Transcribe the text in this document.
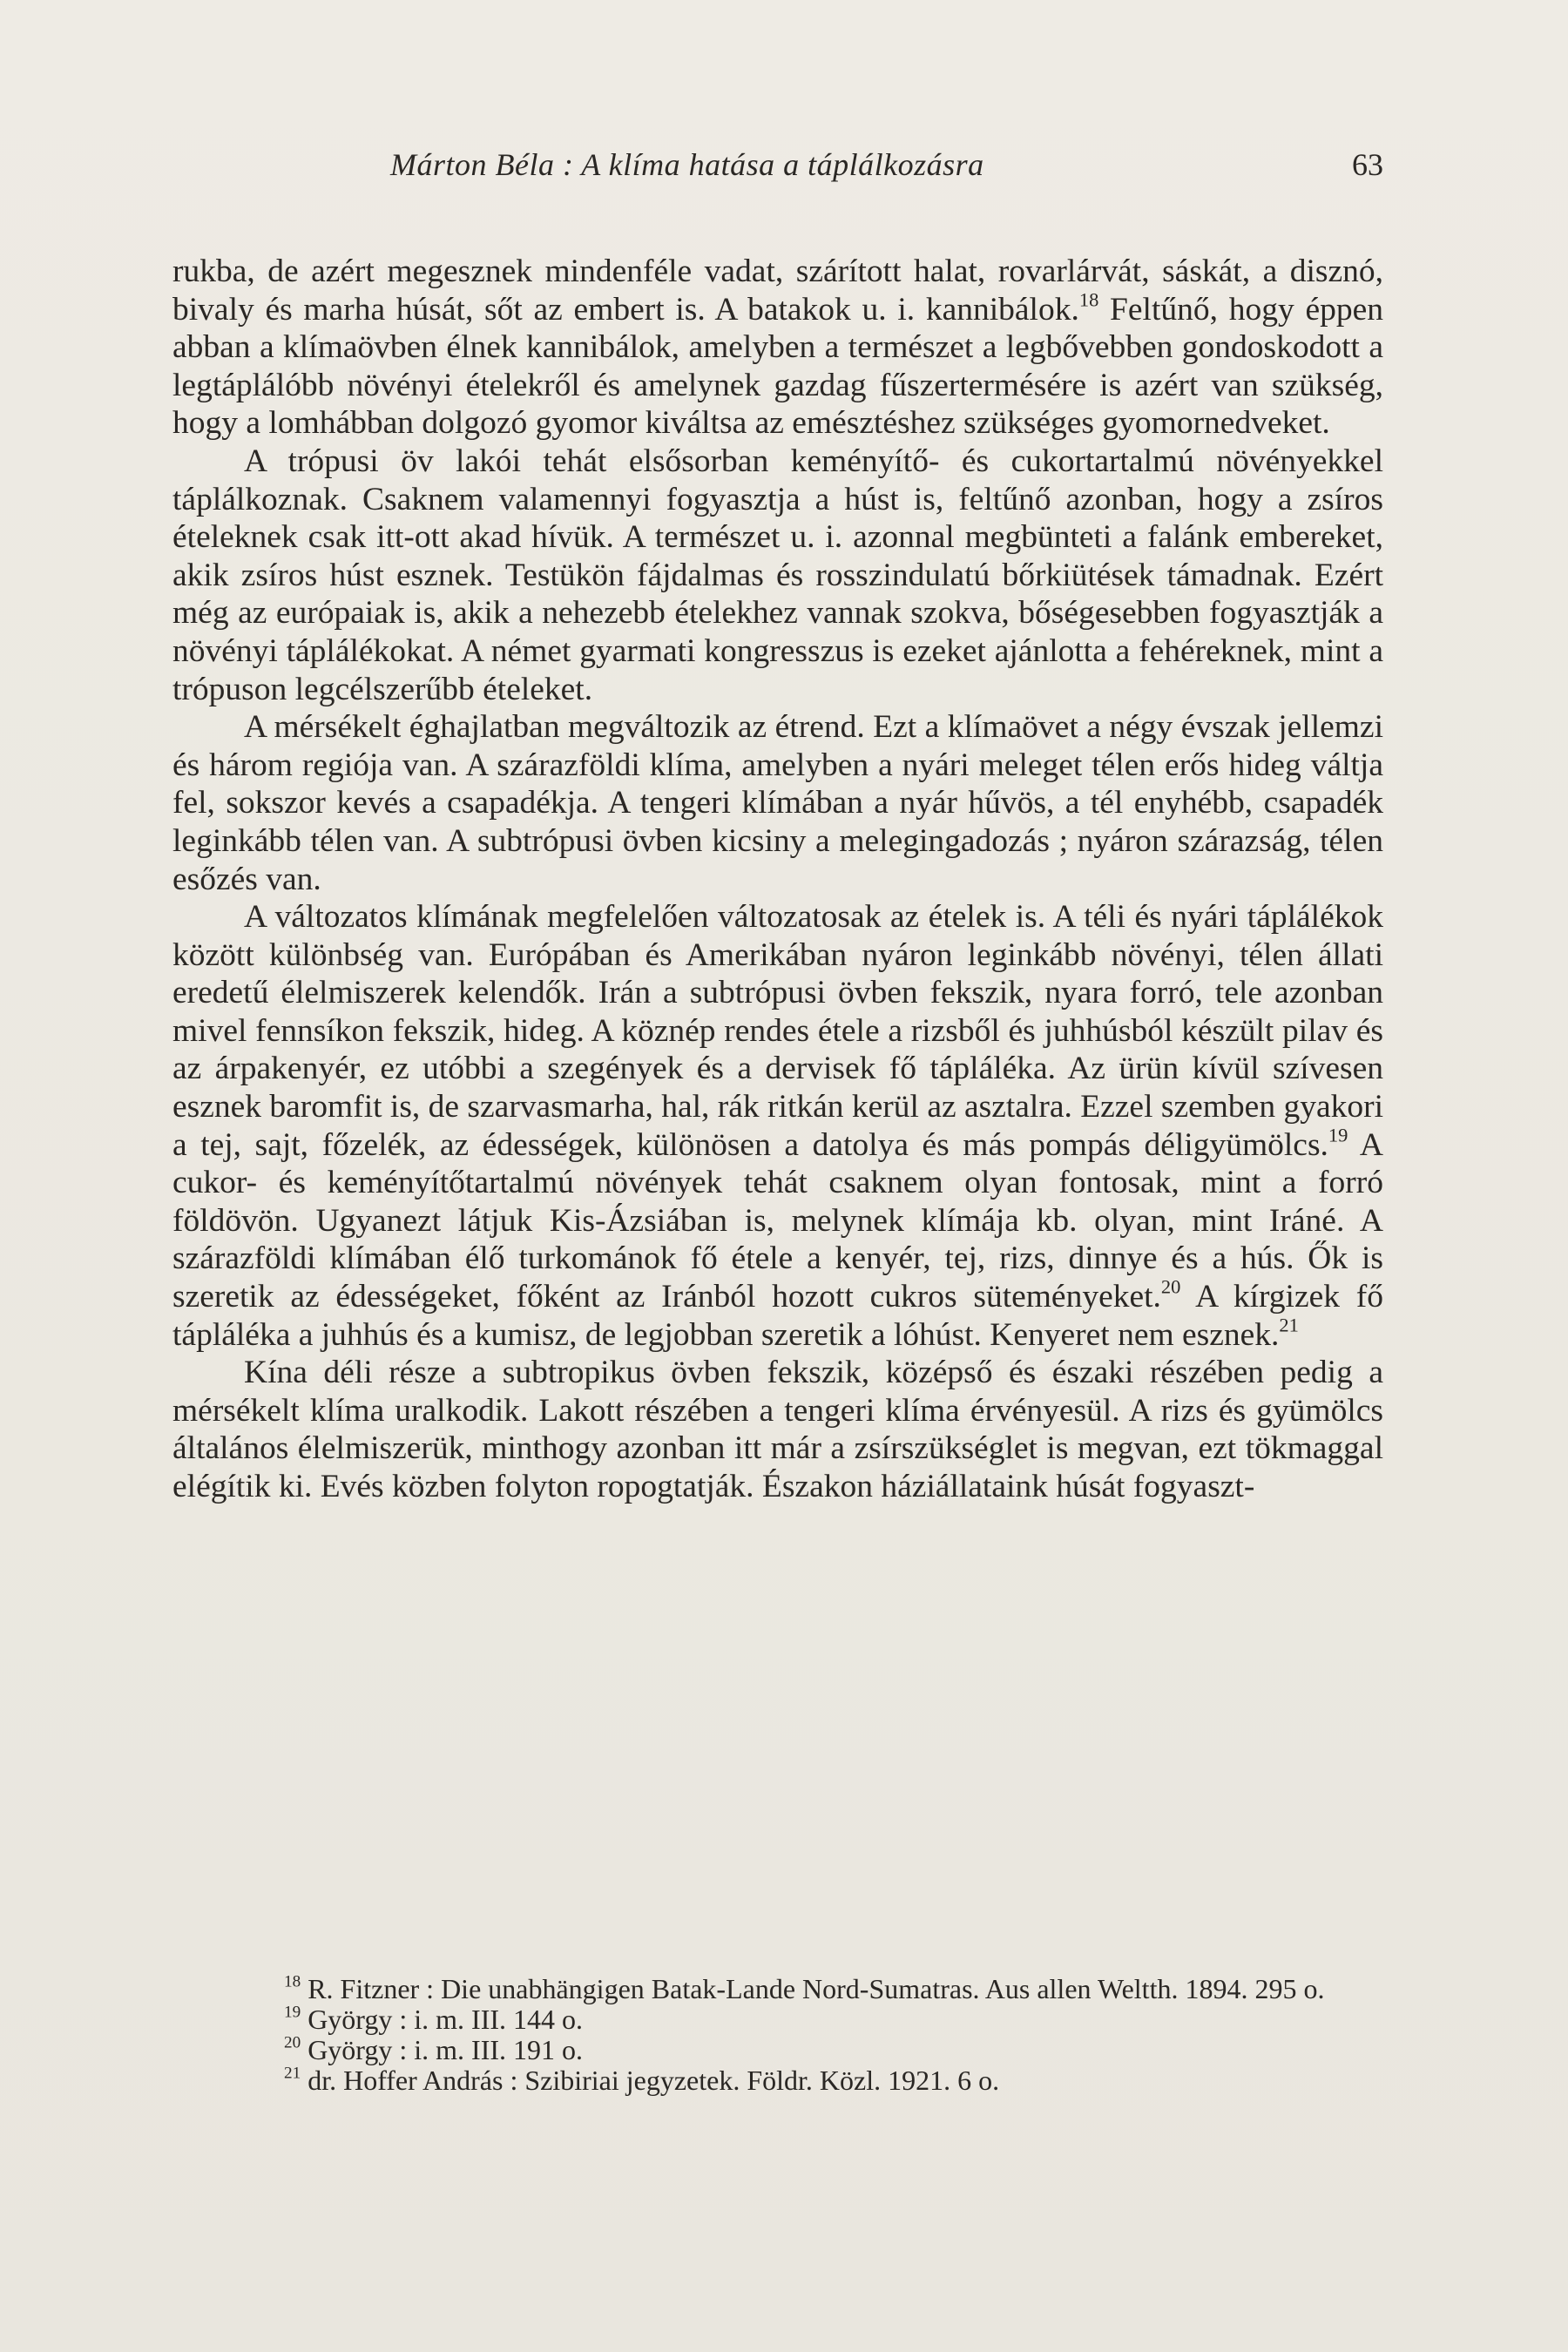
Márton Béla : A klíma hatása a táplálkozásra	63

rukba, de azért megesznek mindenféle vadat, szárított halat, rovarlárvát, sáskát, a disznó, bivaly és marha húsát, sőt az embert is. A batakok u. i. kannibálok.$^{18}$ Feltűnő, hogy éppen abban a klímaövben élnek kannibálok, amelyben a természet a legbővebben gondoskodott a legtáplálóbb növényi ételekről és amelynek gazdag fűszertermésére is azért van szükség, hogy a lomhábban dolgozó gyomor kiváltsa az emésztéshez szükséges gyomornedveket.

A trópusi öv lakói tehát elsősorban keményítő- és cukortartalmú növényekkel táplálkoznak. Csaknem valamennyi fogyasztja a húst is, feltűnő azonban, hogy a zsíros ételeknek csak itt-ott akad hívük. A természet u. i. azonnal megbünteti a falánk embereket, akik zsíros húst esznek. Testükön fájdalmas és rosszindulatú bőrkiütések támadnak. Ezért még az európaiak is, akik a nehezebb ételekhez vannak szokva, bőségesebben fogyasztják a növényi táplálékokat. A német gyarmati kongresszus is ezeket ajánlotta a fehéreknek, mint a trópuson legcélszerűbb ételeket.

A mérsékelt éghajlatban megváltozik az étrend. Ezt a klímaövet a négy évszak jellemzi és három regiója van. A szárazföldi klíma, amelyben a nyári meleget télen erős hideg váltja fel, sokszor kevés a csapadékja. A tengeri klímában a nyár hűvös, a tél enyhébb, csapadék leginkább télen van. A subtrópusi övben kicsiny a melegingadozás ; nyáron szárazság, télen esőzés van.

A változatos klímának megfelelően változatosak az ételek is. A téli és nyári táplálékok között különbség van. Európában és Amerikában nyáron leginkább növényi, télen állati eredetű élelmiszerek kelendők. Irán a subtrópusi övben fekszik, nyara forró, tele azonban mivel fennsíkon fekszik, hideg. A köznép rendes étele a rizsből és juhhúsból készült pilav és az árpakenyér, ez utóbbi a szegények és a dervisek fő tápláléka. Az ürün kívül szívesen esznek baromfit is, de szarvasmarha, hal, rák ritkán kerül az asztalra. Ezzel szemben gyakori a tej, sajt, főzelék, az édességek, különösen a datolya és más pompás déligyümölcs.$^{19}$ A cukor- és keményítőtartalmú növények tehát csaknem olyan fontosak, mint a forró földövön. Ugyanezt látjuk Kis-Ázsiában is, melynek klímája kb. olyan, mint Iráné. A szárazföldi klímában élő turkománok fő étele a kenyér, tej, rizs, dinnye és a hús. Ők is szeretik az édességeket, főként az Iránból hozott cukros süteményeket.$^{20}$ A kírgizek fő tápláléka a juhhús és a kumisz, de legjobban szeretik a lóhúst. Kenyeret nem esznek.$^{21}$

Kína déli része a subtropikus övben fekszik, középső és északi részében pedig a mérsékelt klíma uralkodik. Lakott részében a tengeri klíma érvényesül. A rizs és gyümölcs általános élelmiszerük, minthogy azonban itt már a zsírszükséglet is megvan, ezt tökmaggal elégítik ki. Evés közben folyton ropogtatják. Északon háziállataink húsát fogyaszt-

$^{18}$ R. Fitzner : Die unabhängigen Batak-Lande Nord-Sumatras. Aus allen Weltth. 1894. 295 o.
$^{19}$ György : i. m. III. 144 o.
$^{20}$ György : i. m. III. 191 o.
$^{21}$ dr. Hoffer András : Szibiriai jegyzetek. Földr. Közl. 1921. 6 o.
